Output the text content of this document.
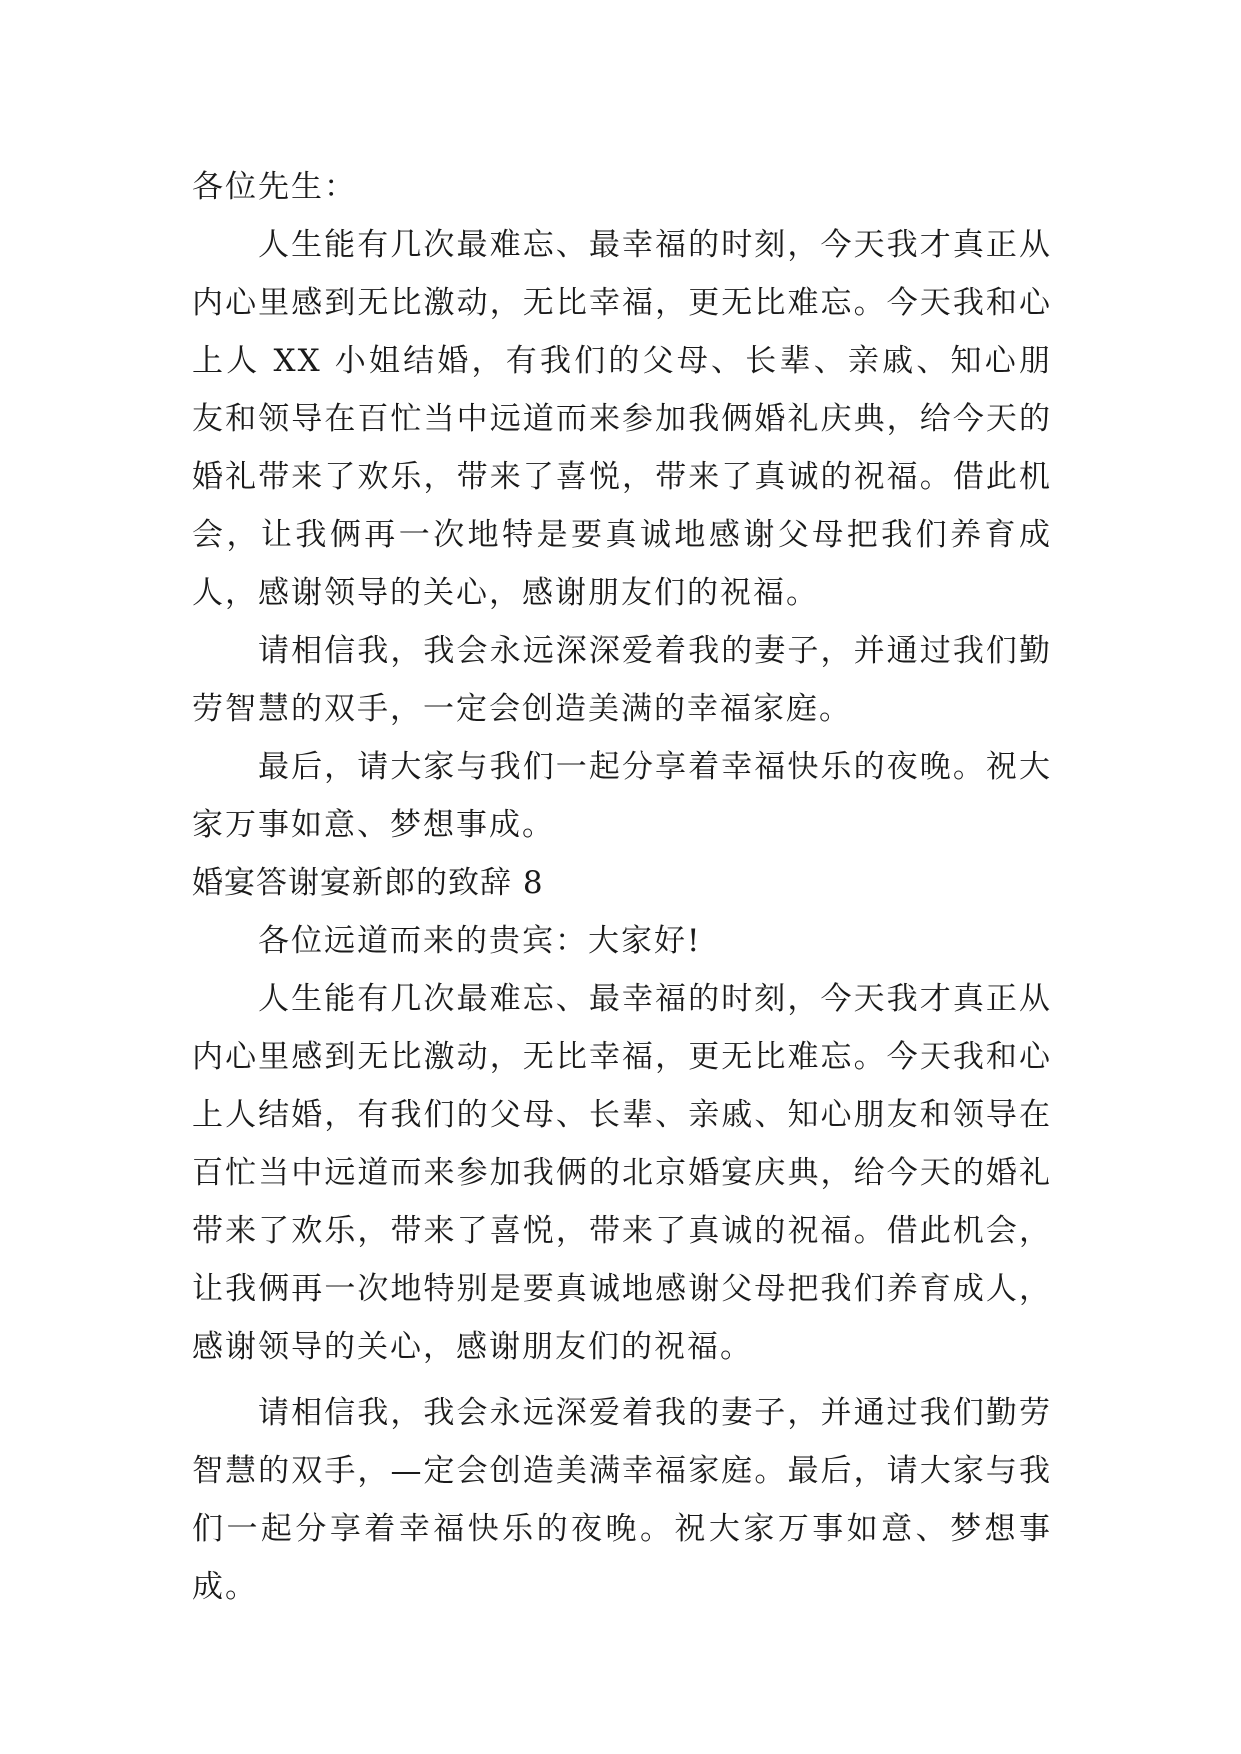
各位先生：

人生能有几次最难忘、最幸福的时刻，今天我才真正从内心里感到无比激动，无比幸福，更无比难忘。今天我和心上人 XX 小姐结婚，有我们的父母、长辈、亲戚、知心朋友和领导在百忙当中远道而来参加我俩婚礼庆典，给今天的婚礼带来了欢乐，带来了喜悦，带来了真诚的祝福。借此机会，让我俩再一次地特是要真诚地感谢父母把我们养育成人，感谢领导的关心，感谢朋友们的祝福。

请相信我，我会永远深深爱着我的妻子，并通过我们勤劳智慧的双手，一定会创造美满的幸福家庭。

最后，请大家与我们一起分享着幸福快乐的夜晚。祝大家万事如意、梦想事成。

婚宴答谢宴新郎的致辞 8

各位远道而来的贵宾：大家好!

人生能有几次最难忘、最幸福的时刻，今天我才真正从内心里感到无比激动，无比幸福，更无比难忘。今天我和心上人结婚，有我们的父母、长辈、亲戚、知心朋友和领导在百忙当中远道而来参加我俩的北京婚宴庆典，给今天的婚礼带来了欢乐，带来了喜悦，带来了真诚的祝福。借此机会，让我俩再一次地特别是要真诚地感谢父母把我们养育成人，感谢领导的关心，感谢朋友们的祝福。

请相信我，我会永远深爱着我的妻子，并通过我们勤劳智慧的双手，—定会创造美满幸福家庭。最后，请大家与我们一起分享着幸福快乐的夜晚。祝大家万事如意、梦想事成。
